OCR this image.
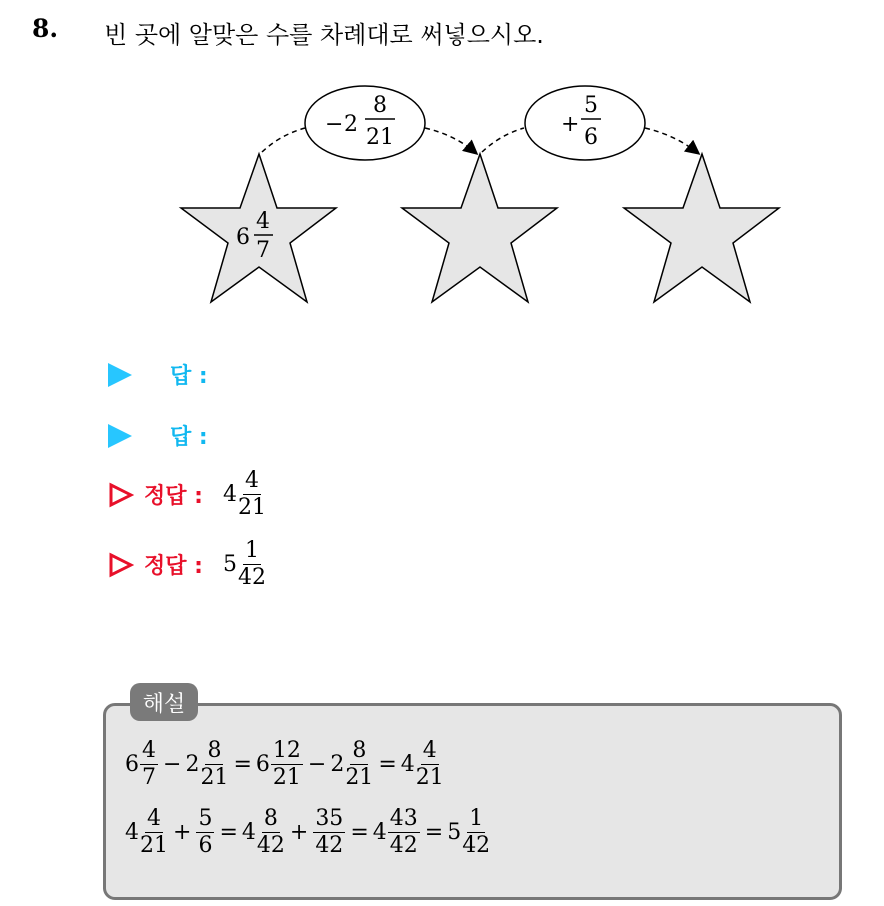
8. 빈 곳에 알맞은 수를 차례대로 써넣으시오.
6
4
7
− 2
8
21
+
5
6
답 :
답 :
정답 : $4 \frac{4}{21}$
정답 : $5 \frac{1}{42}$
해설
$6 \frac{4}{7} - 2 \frac{8}{21} = 6 \frac{12}{21} - 2 \frac{8}{21} = 4 \frac{4}{21}$
$4 \frac{4}{21} + \frac{5}{6} = 4 \frac{8}{42} + \frac{35}{42} = 4 \frac{43}{42} = 5 \frac{1}{42}$
